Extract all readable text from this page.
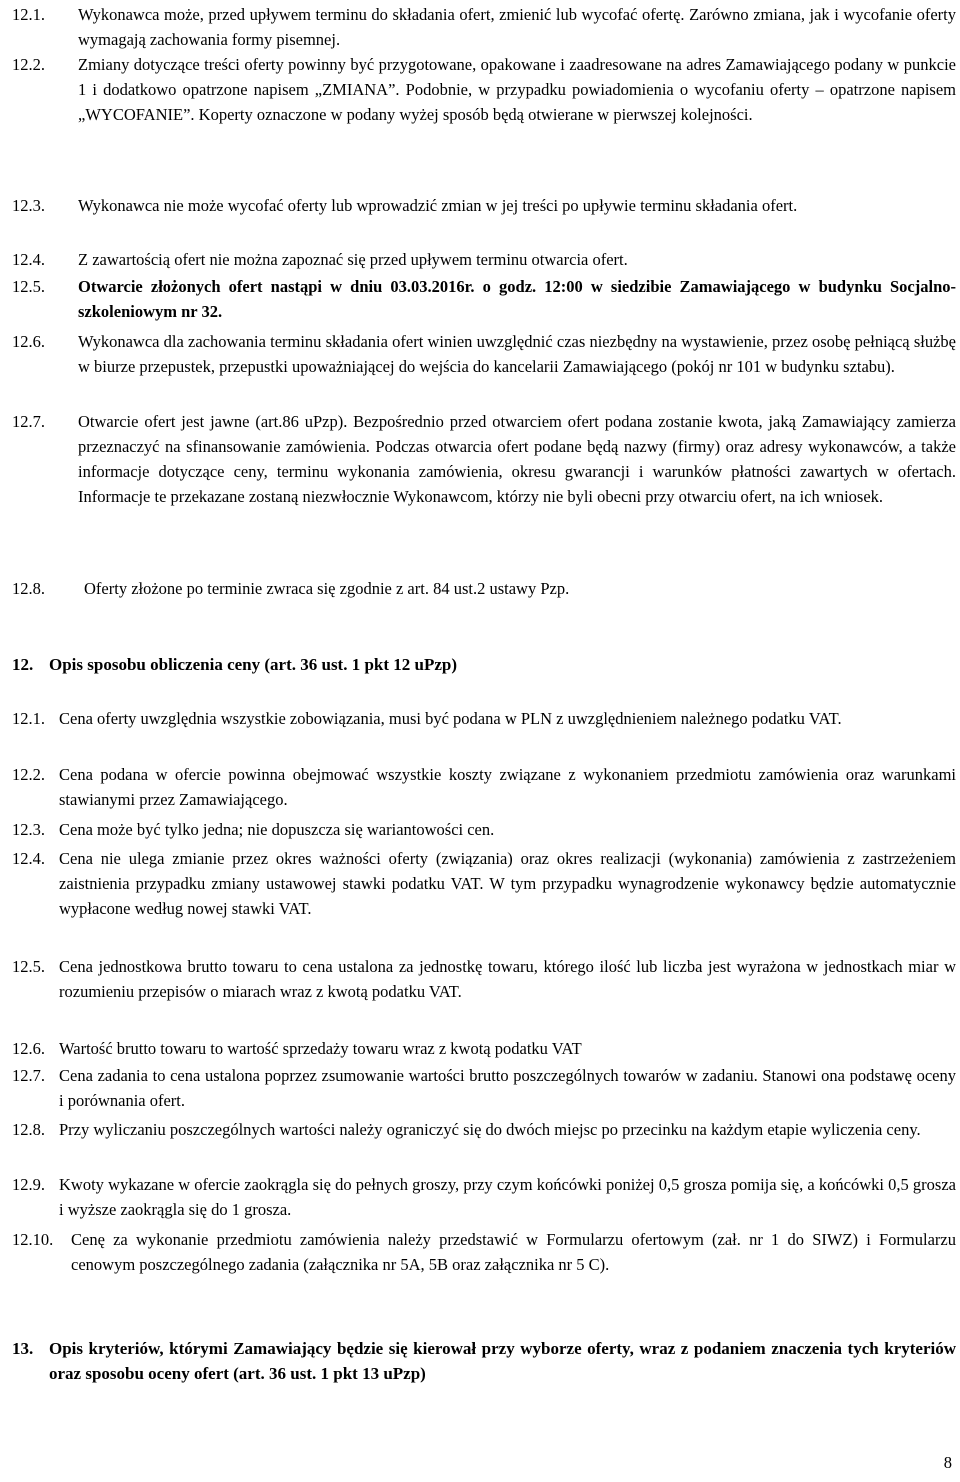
12.1.	Wykonawca może, przed upływem terminu do składania ofert, zmienić lub wycofać ofertę. Zarówno zmiana, jak i wycofanie oferty wymagają zachowania formy pisemnej.
12.2.	Zmiany dotyczące treści oferty powinny być przygotowane, opakowane i zaadresowane na adres Zamawiającego podany w punkcie 1 i dodatkowo opatrzone napisem „ZMIANA”. Podobnie, w przypadku powiadomienia o wycofaniu oferty – opatrzone napisem „WYCOFANIE”. Koperty oznaczone w podany wyżej sposób będą otwierane w pierwszej kolejności.
12.3.	Wykonawca nie może wycofać oferty lub wprowadzić zmian w jej treści po upływie terminu składania ofert.
12.4.	Z zawartością ofert nie można zapoznać się przed upływem terminu otwarcia ofert.
12.5.	Otwarcie złożonych ofert nastąpi w dniu 03.03.2016r. o godz. 12:00 w siedzibie Zamawiającego w budynku Socjalno-szkoleniowym nr 32.
12.6.	Wykonawca dla zachowania terminu składania ofert winien uwzględnić czas niezbędny na wystawienie, przez osobę pełniącą służbę w biurze przepustek, przepustki upoważniającej do wejścia do kancelarii Zamawiającego (pokój nr 101 w budynku sztabu).
12.7.	Otwarcie ofert jest jawne (art.86 uPzp). Bezpośrednio przed otwarciem ofert podana zostanie kwota, jaką Zamawiający zamierza przeznaczyć na sfinansowanie zamówienia. Podczas otwarcia ofert podane będą nazwy (firmy) oraz adresy wykonawców, a także informacje dotyczące ceny, terminu wykonania zamówienia, okresu gwarancji i warunków płatności zawartych w ofertach. Informacje te przekazane zostaną niezwłocznie Wykonawcom, którzy nie byli obecni przy otwarciu ofert, na ich wniosek.
12.8.	Oferty złożone po terminie zwraca się zgodnie z art. 84 ust.2 ustawy Pzp.
12. Opis sposobu obliczenia ceny (art. 36 ust. 1 pkt 12 uPzp)
12.1. Cena oferty uwzględnia wszystkie zobowiązania, musi być podana w PLN z uwzględnieniem należnego podatku VAT.
12.2. Cena podana w ofercie powinna obejmować wszystkie koszty związane z wykonaniem przedmiotu zamówienia oraz warunkami stawianymi przez Zamawiającego.
12.3. Cena może być tylko jedna; nie dopuszcza się wariantowości cen.
12.4. Cena nie ulega zmianie przez okres ważności oferty (związania) oraz okres realizacji (wykonania) zamówienia z zastrzeżeniem zaistnienia przypadku zmiany ustawowej stawki podatku VAT. W tym przypadku wynagrodzenie wykonawcy będzie automatycznie wypłacone według nowej stawki VAT.
12.5. Cena jednostkowa brutto towaru to cena ustalona za jednostkę towaru, którego ilość lub liczba jest wyrażona w jednostkach miar w rozumieniu przepisów o miarach wraz z kwotą podatku VAT.
12.6. Wartość brutto towaru to wartość sprzedaży towaru wraz z kwotą podatku VAT
12.7. Cena zadania to cena ustalona poprzez zsumowanie wartości brutto poszczególnych towarów w zadaniu. Stanowi ona podstawę oceny i porównania ofert.
12.8. Przy wyliczaniu poszczególnych wartości należy ograniczyć się do dwóch miejsc po przecinku na każdym etapie wyliczenia ceny.
12.9. Kwoty wykazane w ofercie zaokrągla się do pełnych groszy, przy czym końcówki poniżej 0,5 grosza pomija się, a końcówki 0,5 grosza i wyższe zaokrągla się do 1 grosza.
12.10.	Cenę za wykonanie przedmiotu zamówienia należy przedstawić w Formularzu ofertowym (zał. nr 1 do SIWZ) i Formularzu cenowym poszczególnego zadania (załącznika nr 5A, 5B oraz załącznika nr 5 C).
13. Opis kryteriów, którymi Zamawiający będzie się kierował przy wyborze oferty, wraz z podaniem znaczenia tych kryteriów oraz sposobu oceny ofert (art. 36 ust. 1 pkt 13 uPzp)
8
